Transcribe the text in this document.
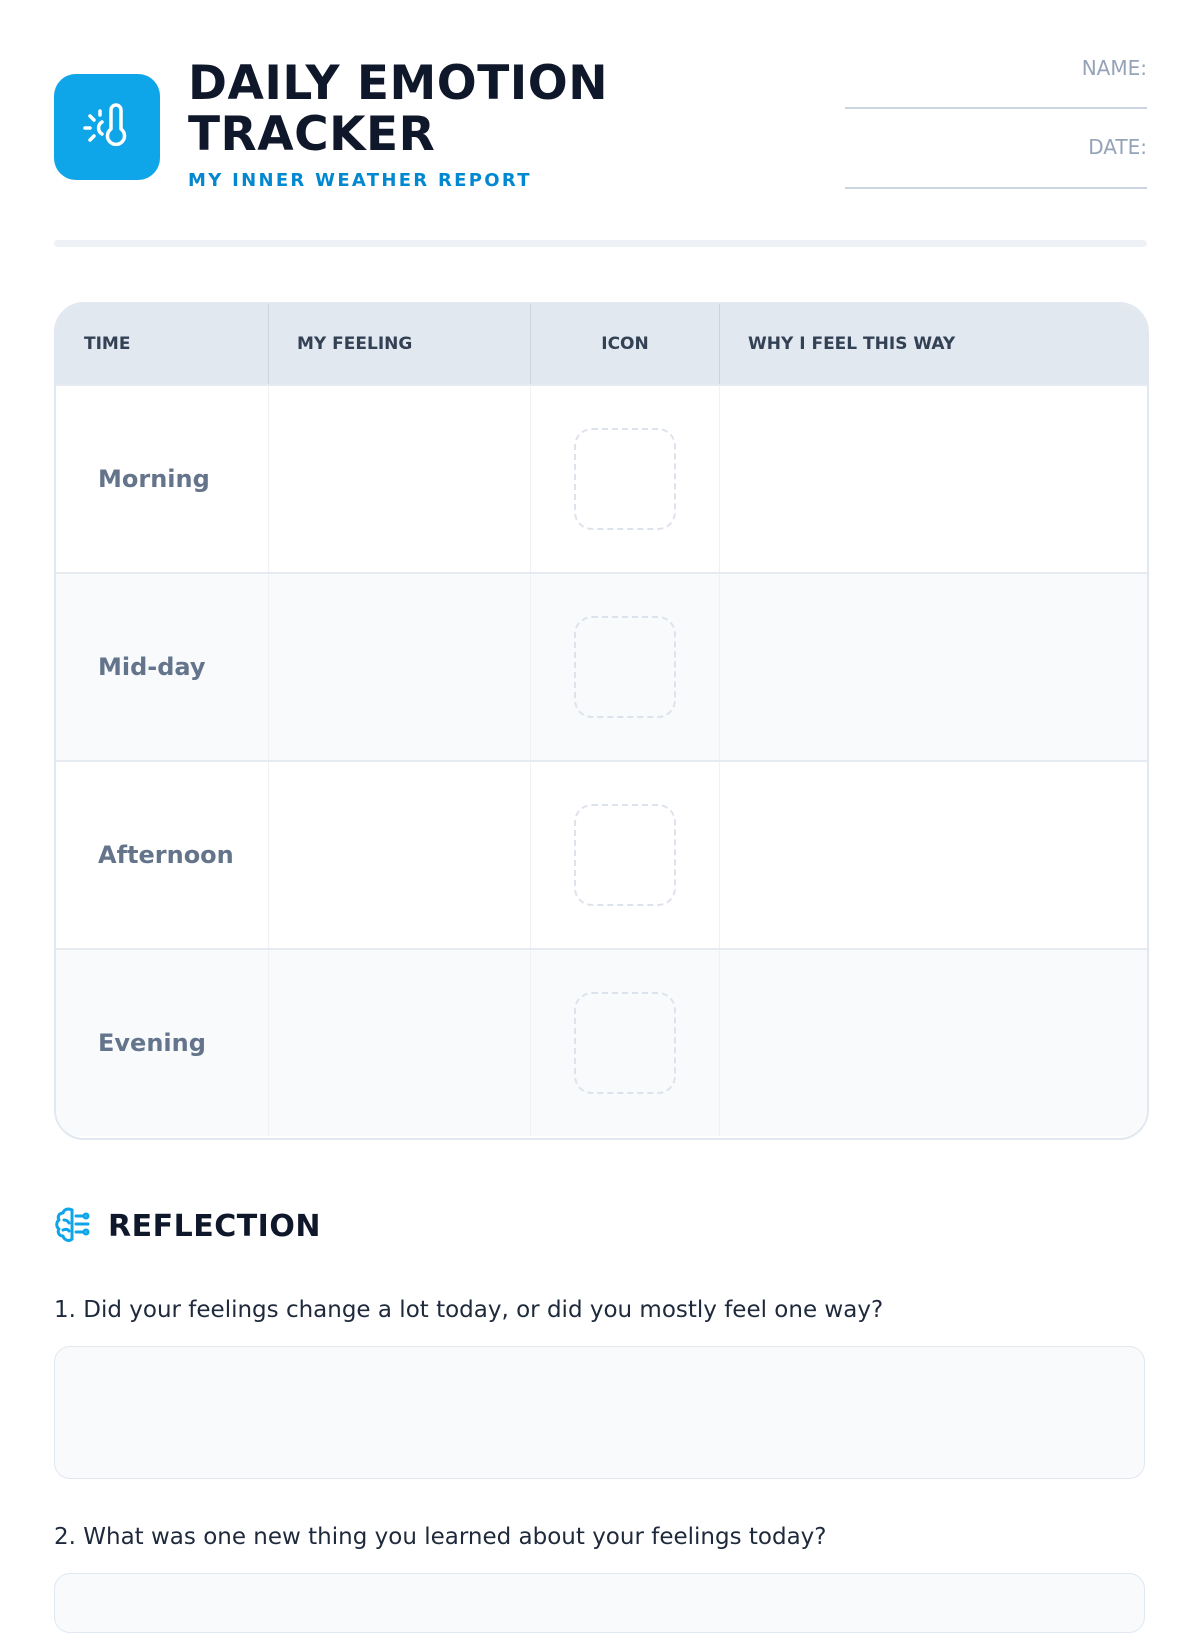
DAILY EMOTION
TRACKER
MY INNER WEATHER REPORT
NAME:
DATE:
TIME	MY FEELING	ICON	WHY I FEEL THIS WAY
Morning
Mid-day
Afternoon
Evening
REFLECTION
1. Did your feelings change a lot today, or did you mostly feel one way?
2. What was one new thing you learned about your feelings today?
